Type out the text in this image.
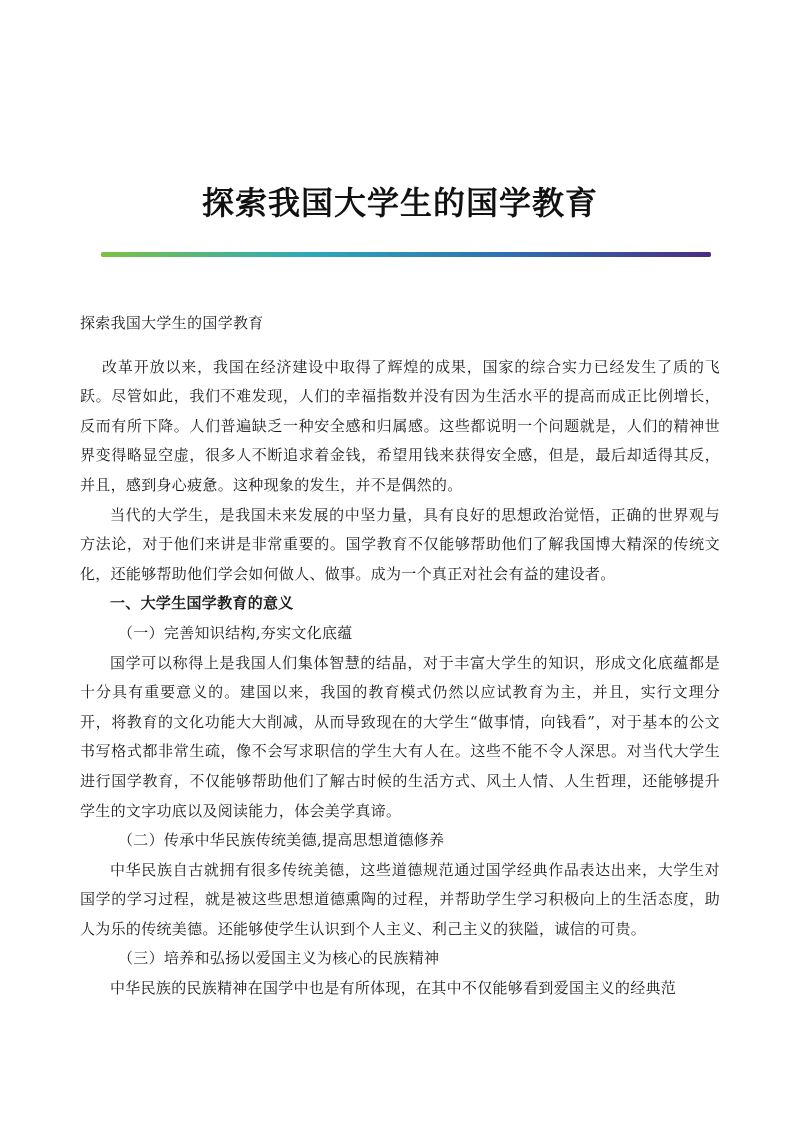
探索我国大学生的国学教育

探索我国大学生的国学教育

改革开放以来，我国在经济建设中取得了辉煌的成果，国家的综合实力已经发生了质的飞跃。尽管如此，我们不难发现，人们的幸福指数并没有因为生活水平的提高而成正比例增长，反而有所下降。人们普遍缺乏一种安全感和归属感。这些都说明一个问题就是，人们的精神世界变得略显空虚，很多人不断追求着金钱，希望用钱来获得安全感，但是，最后却适得其反，并且，感到身心疲惫。这种现象的发生，并不是偶然的。

当代的大学生，是我国未来发展的中坚力量，具有良好的思想政治觉悟，正确的世界观与方法论，对于他们来讲是非常重要的。国学教育不仅能够帮助他们了解我国博大精深的传统文化，还能够帮助他们学会如何做人、做事。成为一个真正对社会有益的建设者。

一、大学生国学教育的意义

（一）完善知识结构,夯实文化底蕴

国学可以称得上是我国人们集体智慧的结晶，对于丰富大学生的知识，形成文化底蕴都是十分具有重要意义的。建国以来，我国的教育模式仍然以应试教育为主，并且，实行文理分开，将教育的文化功能大大削减，从而导致现在的大学生“做事情，向钱看”，对于基本的公文书写格式都非常生疏，像不会写求职信的学生大有人在。这些不能不令人深思。对当代大学生进行国学教育，不仅能够帮助他们了解古时候的生活方式、风土人情、人生哲理，还能够提升学生的文字功底以及阅读能力，体会美学真谛。

（二）传承中华民族传统美德,提高思想道德修养

中华民族自古就拥有很多传统美德，这些道德规范通过国学经典作品表达出来，大学生对国学的学习过程，就是被这些思想道德熏陶的过程，并帮助学生学习积极向上的生活态度，助人为乐的传统美德。还能够使学生认识到个人主义、利己主义的狭隘，诚信的可贵。

（三）培养和弘扬以爱国主义为核心的民族精神

中华民族的民族精神在国学中也是有所体现，在其中不仅能够看到爱国主义的经典范
